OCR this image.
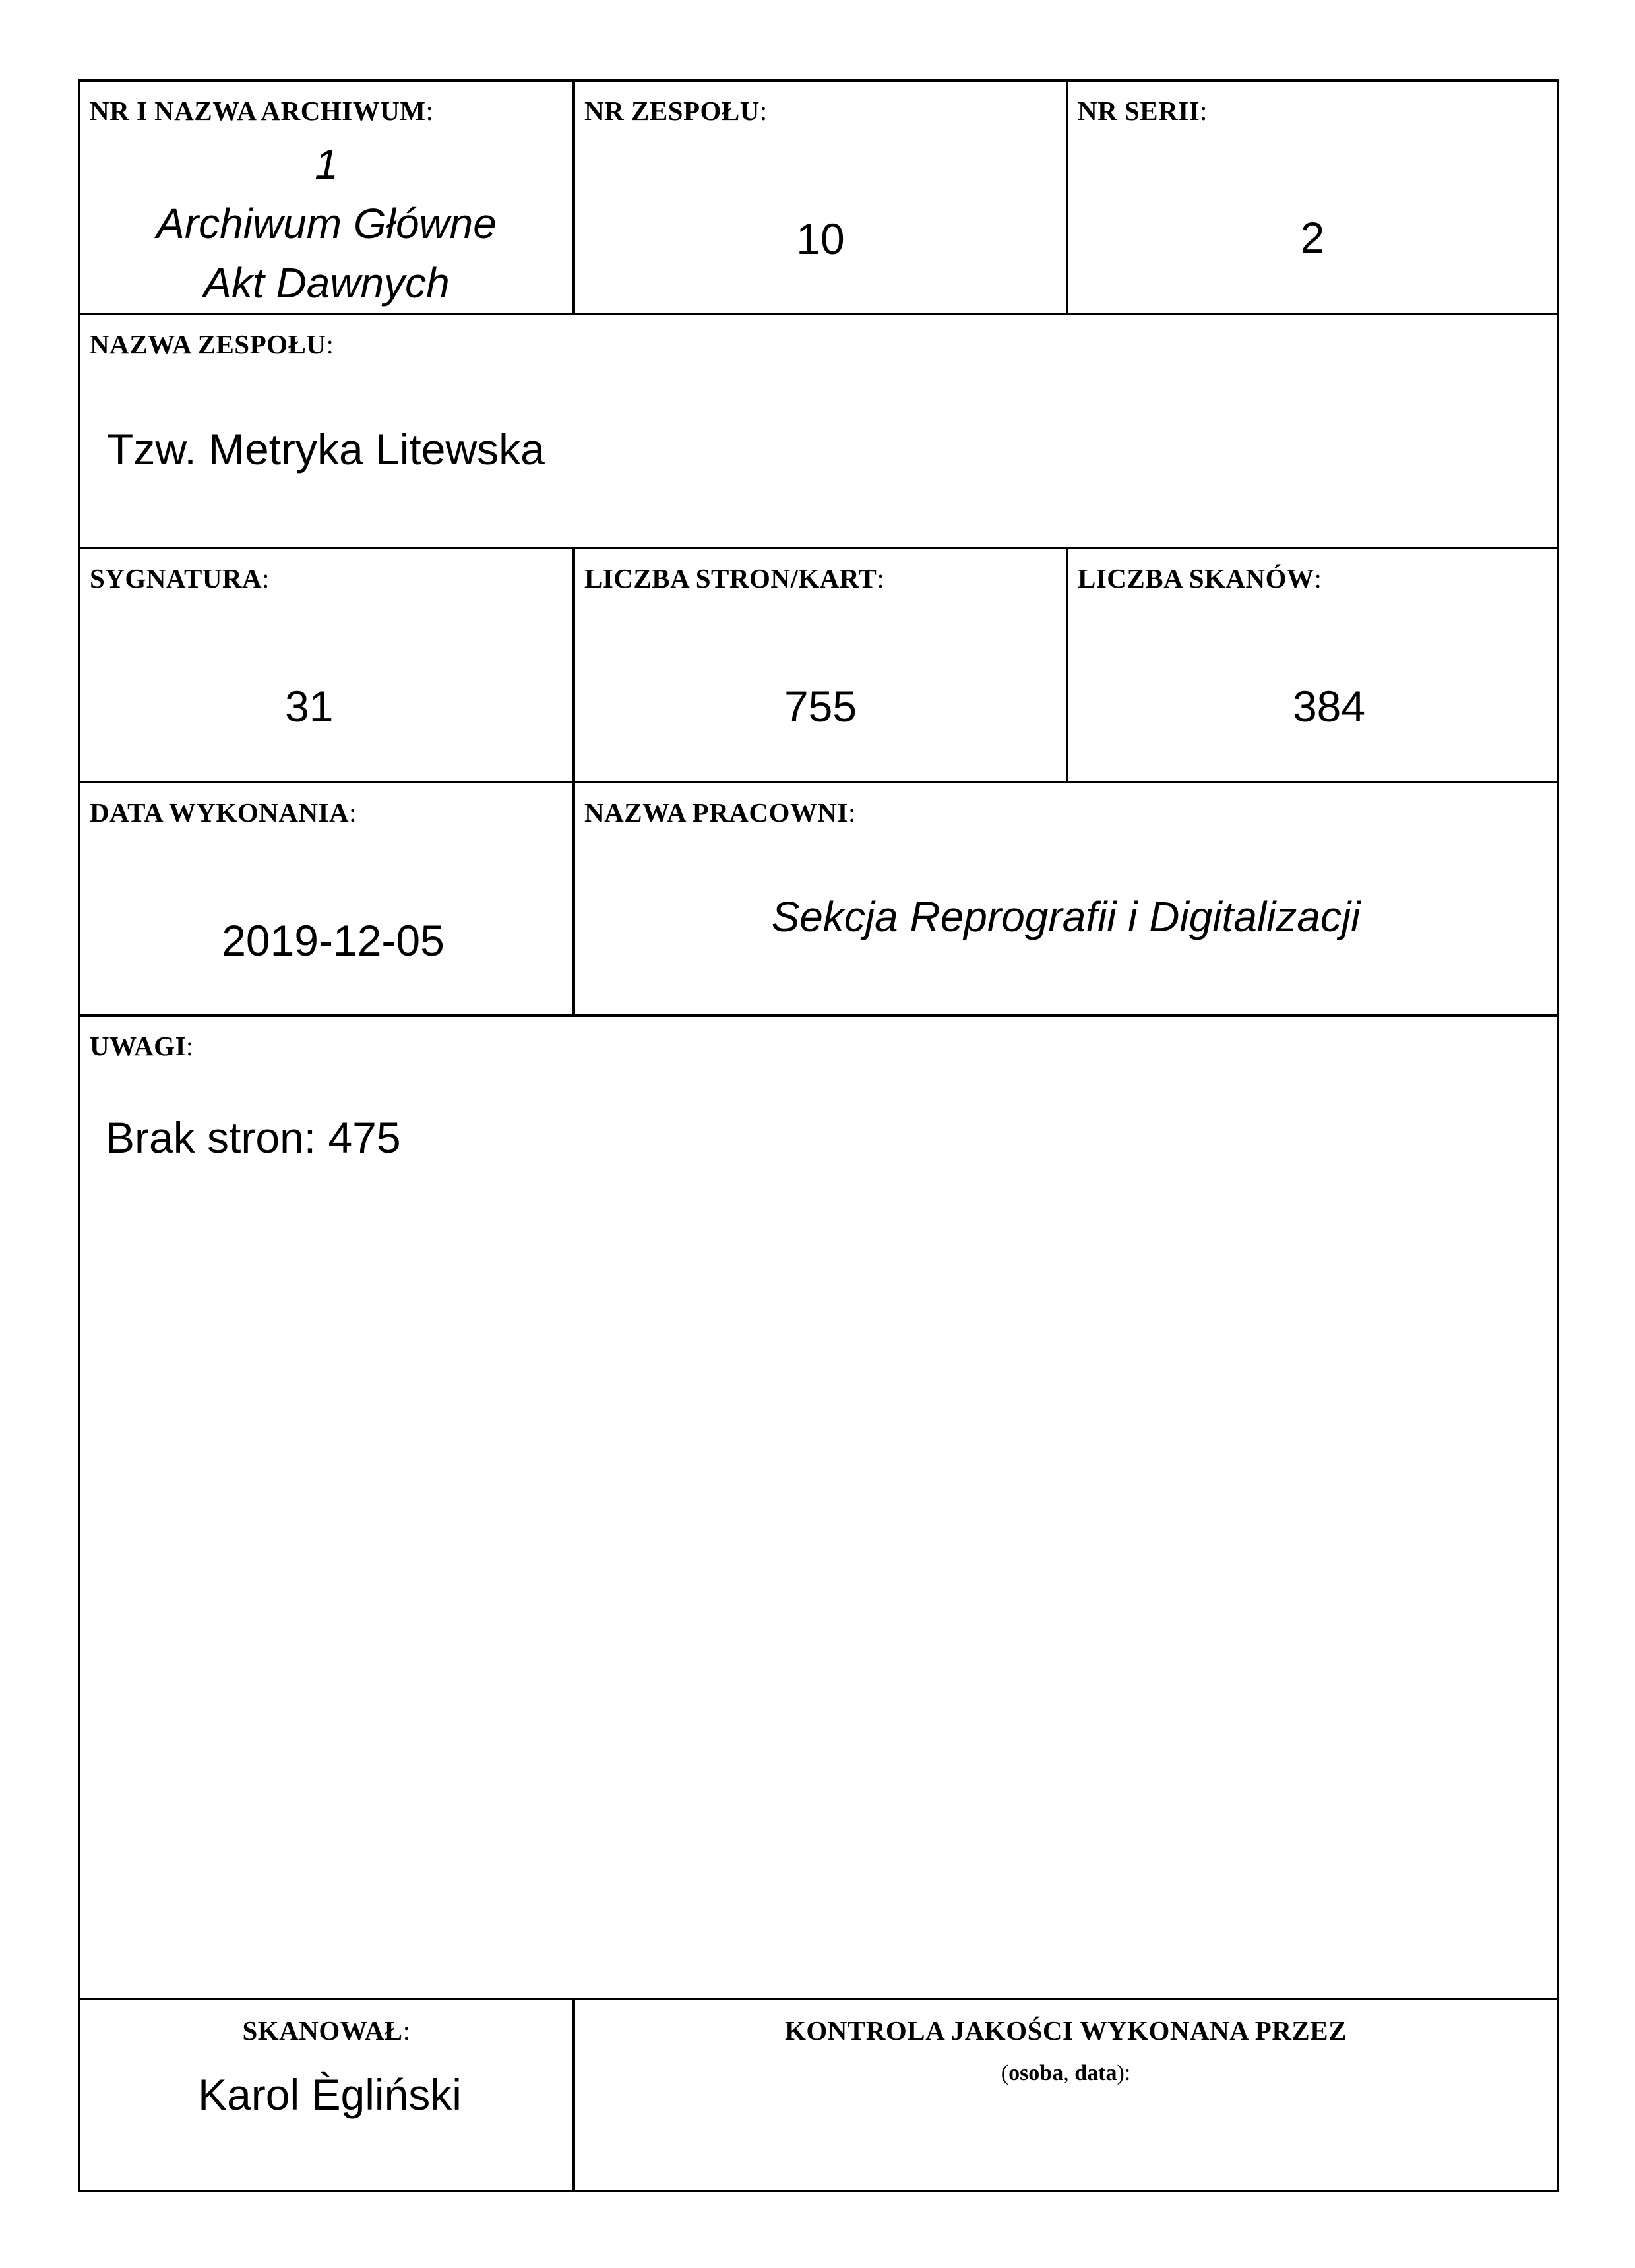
NR I NAZWA ARCHIWUM:
1
Archiwum Główne
Akt Dawnych
NR ZESPOŁU:
10
NR SERII:
2
NAZWA ZESPOŁU:
Tzw. Metryka Litewska
SYGNATURA:
31
LICZBA STRON/KART:
755
LICZBA SKANÓW:
384
DATA WYKONANIA:
2019-12-05
NAZWA PRACOWNI:
Sekcja Reprografii i Digitalizacji
UWAGI:
Brak stron: 475
SKANOWAŁ:
Karol Ègliński
KONTROLA JAKOŚCI WYKONANA PRZEZ
(osoba, data):
